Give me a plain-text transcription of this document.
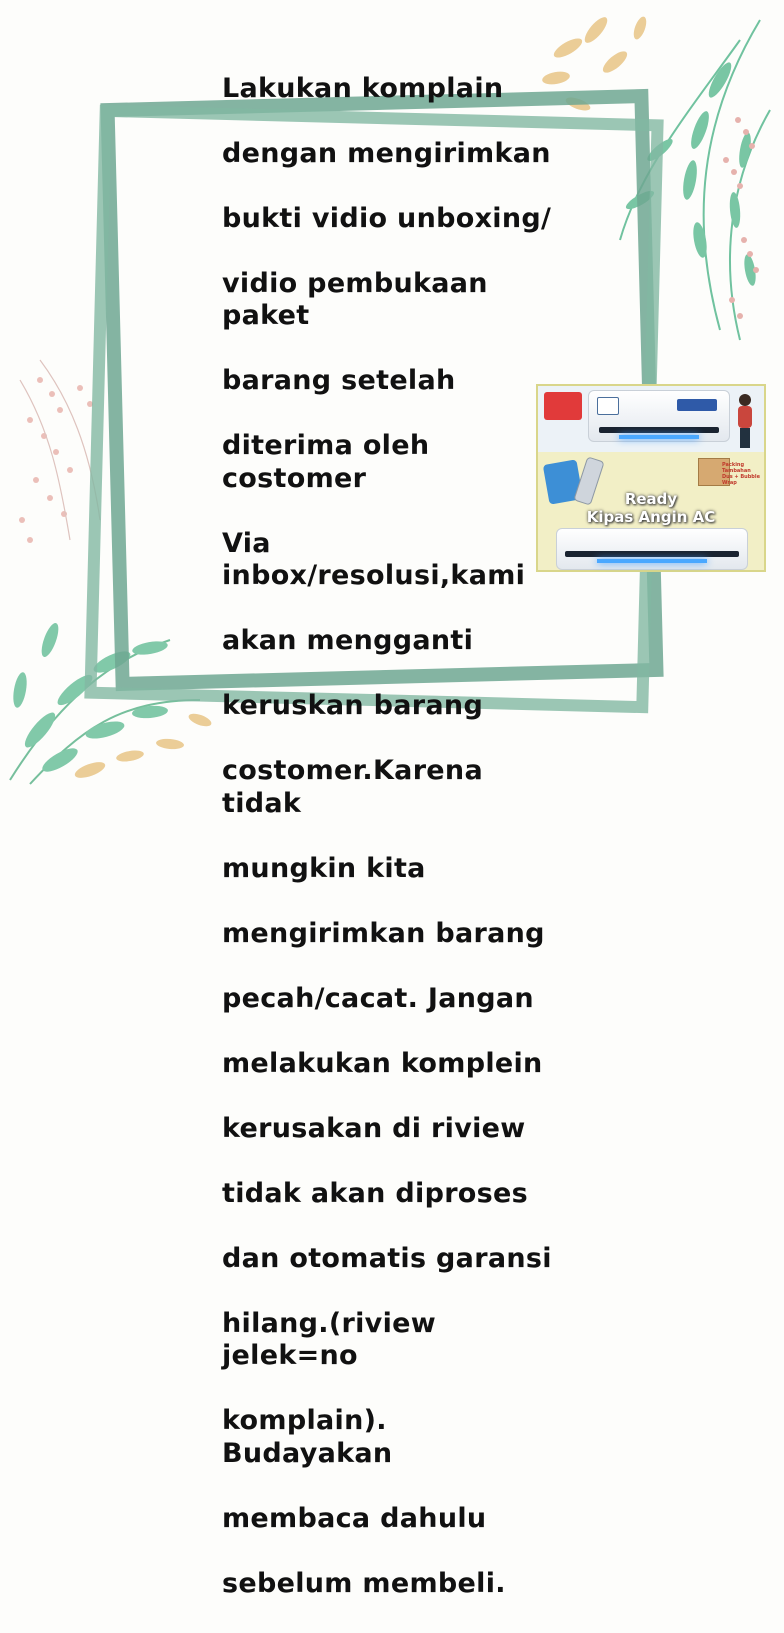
Lakukan komplain

dengan mengirimkan

bukti vidio unboxing/

vidio pembukaan paket

barang setelah

diterima oleh costomer

Via inbox/resolusi,kami

akan mengganti

keruskan barang

costomer.Karena tidak

mungkin kita

mengirimkan barang

pecah/cacat. Jangan

melakukan komplein

kerusakan di riview

tidak akan diproses

dan otomatis garansi

hilang.(riview jelek=no

komplain). Budayakan

membaca dahulu

sebelum membeli.

Packing Tambahan Dus + Bubble Wrap
Ready
Kipas Angin AC
